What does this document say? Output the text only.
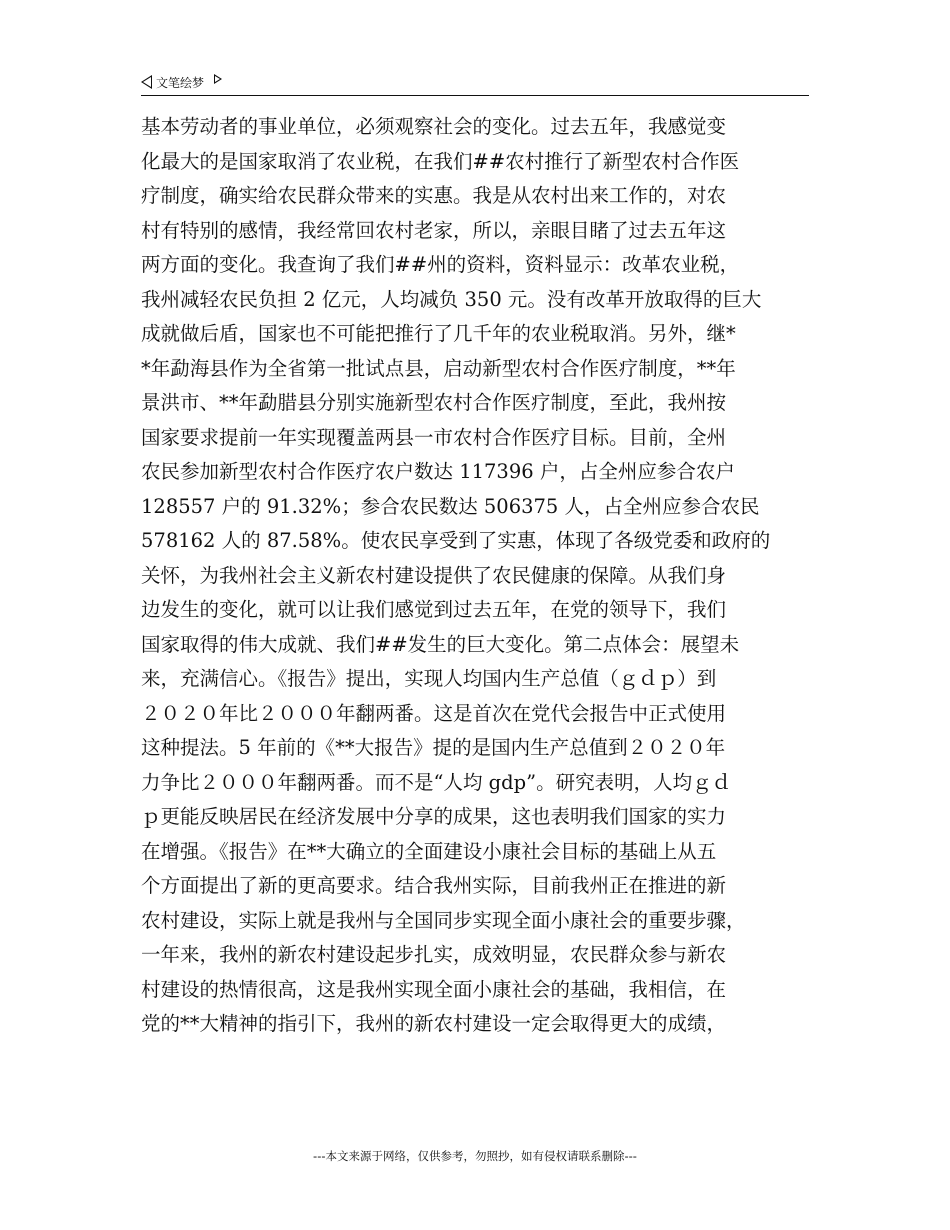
文笔绘梦
基本劳动者的事业单位，必须观察社会的变化。过去五年，我感觉变
化最大的是国家取消了农业税，在我们##农村推行了新型农村合作医
疗制度，确实给农民群众带来的实惠。我是从农村出来工作的，对农
村有特别的感情，我经常回农村老家，所以，亲眼目睹了过去五年这
两方面的变化。我查询了我们##州的资料，资料显示：改革农业税，
我州减轻农民负担 2 亿元，人均减负 350 元。没有改革开放取得的巨大
成就做后盾，国家也不可能把推行了几千年的农业税取消。另外，继*
*年勐海县作为全省第一批试点县，启动新型农村合作医疗制度，**年
景洪市、**年勐腊县分别实施新型农村合作医疗制度，至此，我州按
国家要求提前一年实现覆盖两县一市农村合作医疗目标。目前，全州
农民参加新型农村合作医疗农户数达 117396 户，占全州应参合农户
128557 户的 91.32%；参合农民数达 506375 人，占全州应参合农民
578162 人的 87.58%。使农民享受到了实惠，体现了各级党委和政府的
关怀，为我州社会主义新农村建设提供了农民健康的保障。从我们身
边发生的变化，就可以让我们感觉到过去五年，在党的领导下，我们
国家取得的伟大成就、我们##发生的巨大变化。第二点体会：展望未
来，充满信心。《报告》提出，实现人均国内生产总值（ｇｄｐ）到
２０２０年比２０００年翻两番。这是首次在党代会报告中正式使用
这种提法。5 年前的《**大报告》提的是国内生产总值到２０２０年
力争比２０００年翻两番。而不是“人均 gdp”。研究表明，人均ｇｄ
ｐ更能反映居民在经济发展中分享的成果，这也表明我们国家的实力
在增强。《报告》在**大确立的全面建设小康社会目标的基础上从五
个方面提出了新的更高要求。结合我州实际，目前我州正在推进的新
农村建设，实际上就是我州与全国同步实现全面小康社会的重要步骤，
一年来，我州的新农村建设起步扎实，成效明显，农民群众参与新农
村建设的热情很高，这是我州实现全面小康社会的基础，我相信，在
党的**大精神的指引下，我州的新农村建设一定会取得更大的成绩，
---本文来源于网络，仅供参考，勿照抄，如有侵权请联系删除---
